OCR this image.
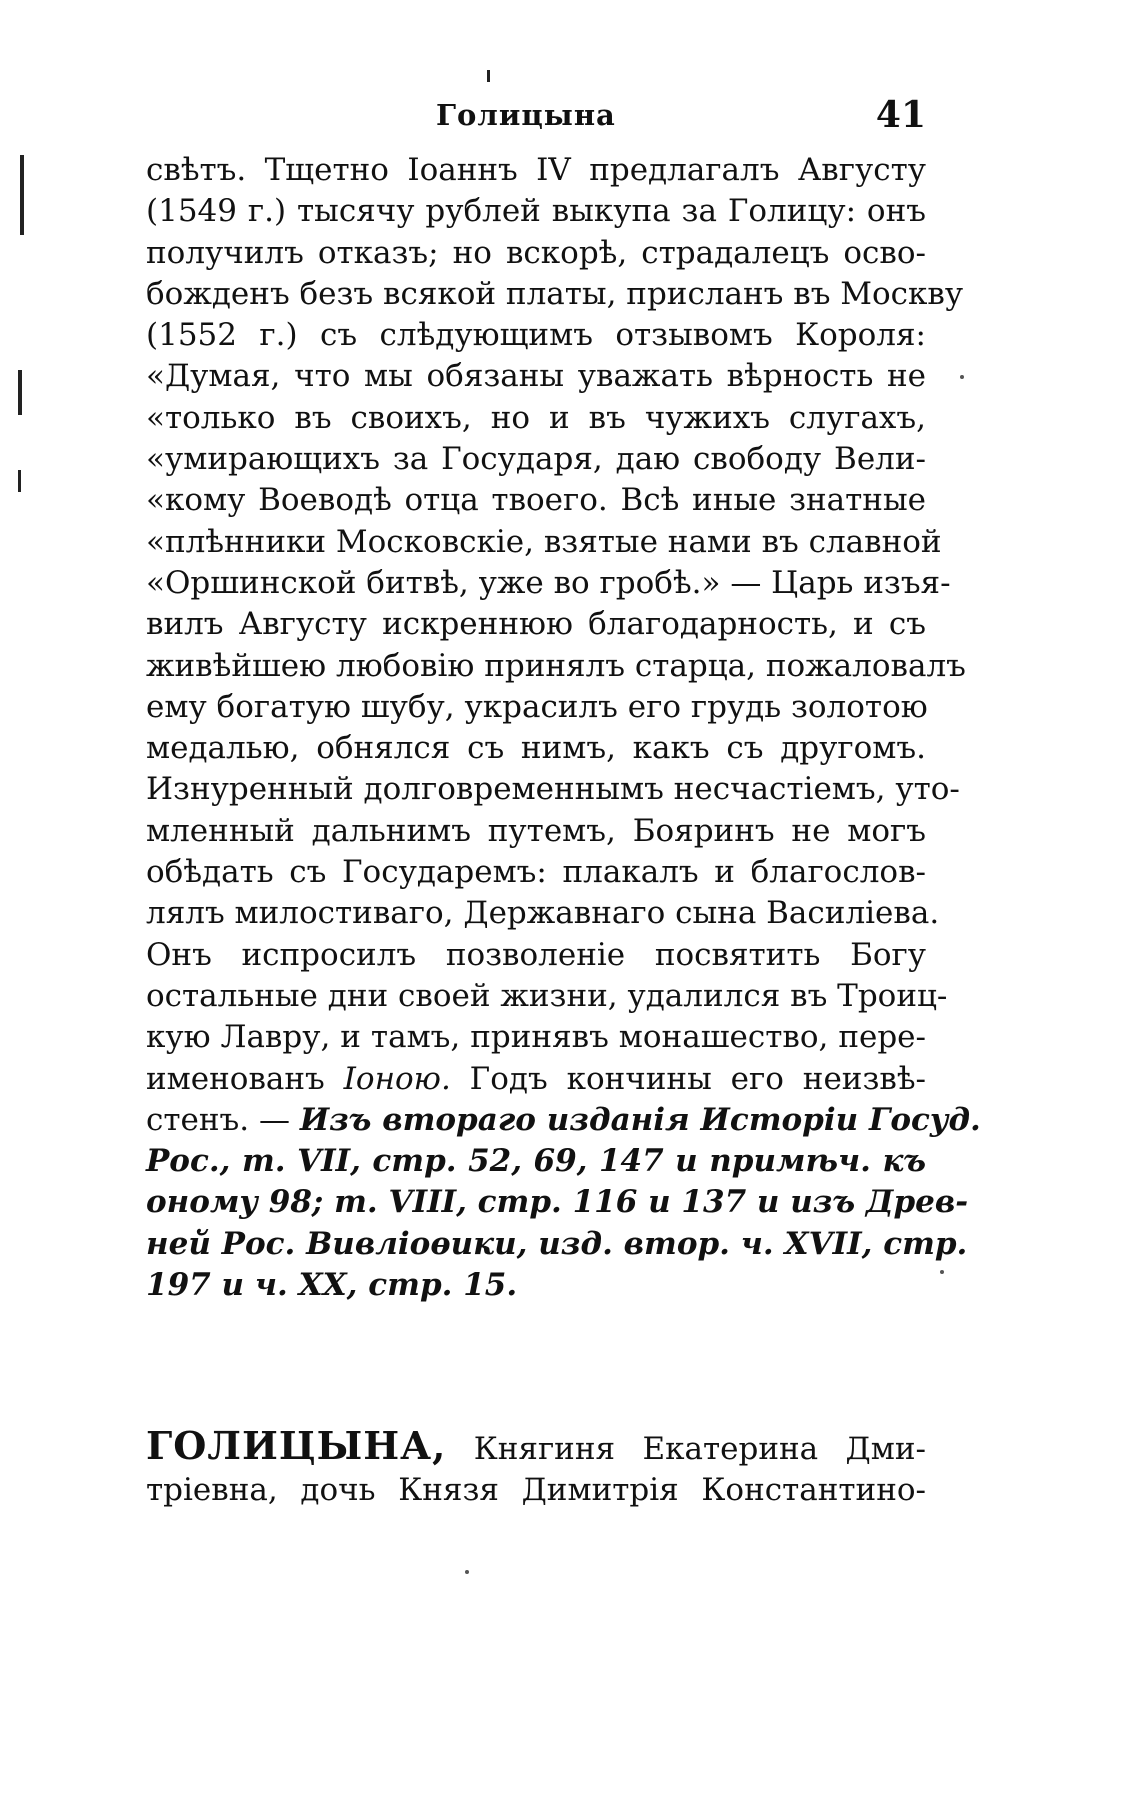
Голицына	41
свѣтъ. Тщетно Іоаннъ IV предлагалъ Августу
(1549 г.) тысячу рублей выкупа за Голицу: онъ
получилъ отказъ; но вскорѣ, страдалецъ осво-
божденъ безъ всякой платы, присланъ въ Москву
(1552 г.) съ слѣдующимъ отзывомъ Короля:
«Думая, что мы обязаны уважать вѣрность не
«только въ своихъ, но и въ чужихъ слугахъ,
«умирающихъ за Государя, даю свободу Вели-
«кому Воеводѣ отца твоего. Всѣ иные знатные
«плѣнники Московскіе, взятые нами въ славной
«Оршинской битвѣ, уже во гробѣ.» — Царь изъя-
вилъ Августу искреннюю благодарность, и съ
живѣйшею любовію принялъ старца, пожаловалъ
ему богатую шубу, украсилъ его грудь золотою
медалью, обнялся съ нимъ, какъ съ другомъ.
Изнуренный долговременнымъ несчастіемъ, уто-
мленный дальнимъ путемъ, Бояринъ не могъ
обѣдать съ Государемъ: плакалъ и благослов-
лялъ милостиваго, Державнаго сына Василіева.
Онъ испросилъ позволеніе посвятить Богу
остальные дни своей жизни, удалился въ Троиц-
кую Лавру, и тамъ, принявъ монашество, пере-
именованъ Іоною. Годъ кончины его неизвѣ-
стенъ. — Изъ втораго изданія Исторіи Госуд.
Рос., т. VII, стр. 52, 69, 147 и примѣч. къ
оному 98; т. VIII, стр. 116 и 137 и изъ Древ-
ней Рос. Вивліоѳики, изд. втор. ч. XVII, стр.
197 и ч. XX, стр. 15.
ГОЛИЦЫНА, Княгиня Екатерина Дми-
тріевна, дочь Князя Димитрія Константино-
